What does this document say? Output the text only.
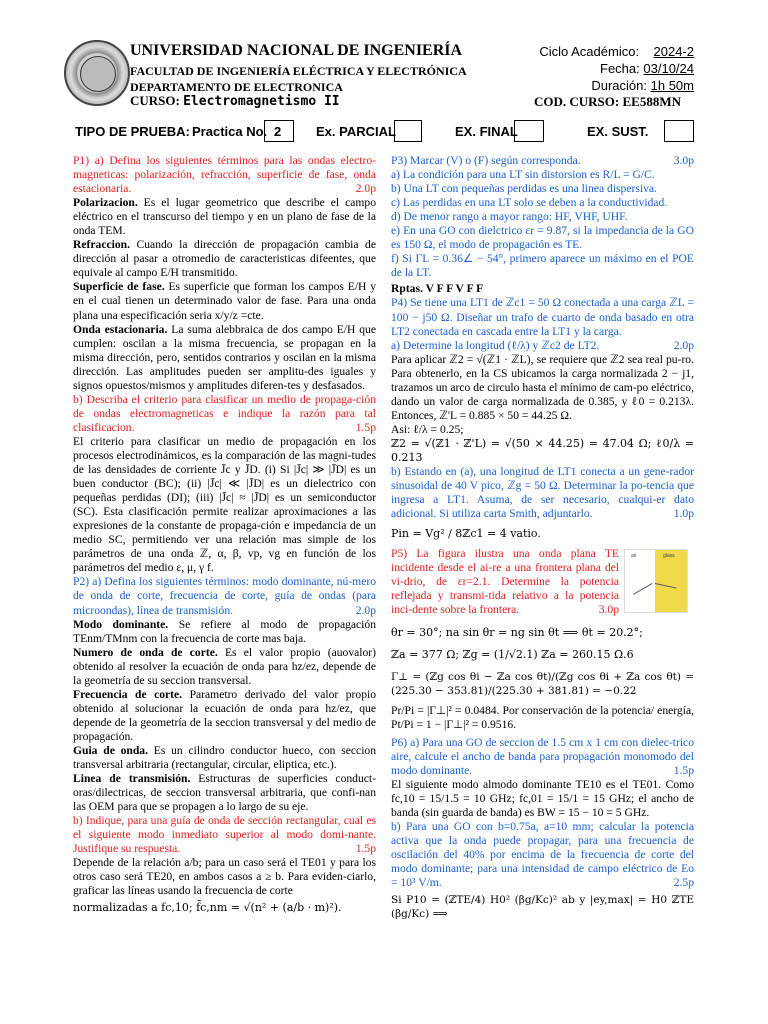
UNIVERSIDAD NACIONAL DE INGENIERÍA
FACULTAD DE INGENIERÍA ELÉCTRICA Y ELECTRÓNICA
DEPARTAMENTO DE ELECTRONICA
CURSO: Electromagnetismo II
Ciclo Académico: 2024-2
Fecha: 03/10/24
Duración: 1h 50m
COD. CURSO: EE588MN
TIPO DE PRUEBA: Practica No. 2	Ex. PARCIAL	EX. FINAL	EX. SUST.

P1) a) Defina los siguientes términos para las ondas electro-magneticas: polarización, refracción, superficie de fase, onda estacionaria.	2.0p

Polarizacion. Es el lugar geometrico que describe el campo eléctrico en el transcurso del tiempo y en un plano de fase de la onda TEM.

Refraccion. Cuando la dirección de propagación cambia de dirección al pasar a otromedio de caracteristicas difeentes, que equivale al campo E/H transmitido.

Superficie de fase. Es superficie que forman los campos E/H y en el cual tienen un determinado valor de fase. Para una onda plana una especificación seria x/y/z =cte.

Onda estacionaria. La suma alebbraica de dos campo E/H que cumplen: oscilan a la misma frecuencia, se propagan en la misma dirección, pero, sentidos contrarios y oscilan en la misma dirección. Las amplitudes pueden ser amplitu-des iguales y signos opuestos/mismos y amplitudes diferen-tes y desfasados.

b) Describa el criterio para clasificar un medio de propaga-ción de ondas electromagneticas e indique la razón para tal clasificacion.	1.5p

El criterio para clasificar un medio de propagación en los procesos electrodinámicos, es la comparación de las magni-tudes de las densidades de corriente J̄c y J̄D. (i) Si |J̄c| ≫ |J̄D| es un buen conductor (BC); (ii) |J̄c| ≪ |J̄D| es un dielectrico con pequeñas perdidas (DI); (iii) |J̄c| ≈ |J̄D| es un semiconductor (SC). Esta clasificación permite realizar aproximaciones a las expresiones de la constante de propaga-ción e impedancia de un medio SC, permitiendo ver una relación mas simple de los parámetros de una onda ℤ, α, β, vp, vg en función de los parámetros del medio ε, μ, γ f.

P2) a) Defina los siguientes términos: modo dominante, nú-mero de onda de corte, frecuencia de corte, guía de ondas (para microondas), línea de transmisión.	2.0p

Modo dominante. Se refiere al modo de propagación TEnm/TMnm con la frecuencia de corte mas baja.

Numero de onda de corte. Es el valor propio (auovalor) obtenido al resolver la ecuación de onda para hz/ez, depende de la geometría de su seccion transversal.

Frecuencia de corte. Parametro derivado del valor propio obtenido al solucionar la ecuación de onda para hz/ez, que depende de la geometría de la seccion transversal y del medio de propagación.

Guia de onda. Es un cilindro conductor hueco, con seccion transversal arbitraria (rectangular, circular, eliptica, etc.).

Linea de transmisión. Estructuras de superficies conduct-oras/dilectricas, de seccion transversal arbitraria, que confi-nan las OEM para que se propagen a lo largo de su eje.

b) Indique, para una guía de onda de sección rectangular, cual es el siguiente modo inmediato superior al modo domi-nante. Justifique su respuesta.	1.5p

Depende de la relación a/b; para un caso será el TE01 y para los otros caso será TE20, en ambos casos a ≥ b. Para eviden-ciarlo, graficar las líneas usando la frecuencia de corte

normalizadas a fc,10; f̄c,nm = √(n² + (a/b · m)²).

P3) Marcar (V) o (F) según corresponda.	3.0p

a) La condición para una LT sin distorsion es R/L = G/C.

b) Una LT con pequeñas perdidas es una linea dispersiva.

c) Las perdidas en una LT solo se deben a la conductividad.

d) De menor rango a mayor rango: HF, VHF, UHF.

e) En una GO con dielctrico εr = 9.87, si la impedancia de la GO es 150 Ω, el modo de propagación es TE.

f) Si ΓL = 0.36∠ − 54°, primero aparece un máximo en el POE de la LT.

Rptas. V F F V F F

P4) Se tiene una LT1 de ℤc1 = 50 Ω conectada a una carga ℤL = 100 − j50 Ω. Diseñar un trafo de cuarto de onda basado en otra LT2 conectada en cascada entre la LT1 y la carga.

a) Determine la longitud (ℓ/λ) y ℤc2 de LT2.	2.0p

Para aplicar ℤ2 = √(ℤ1 · ℤL), se requiere que ℤ2 sea real pu-ro. Para obtenerlo, en la CS ubicamos la carga normalizada 2 − j1, trazamos un arco de circulo hasta el mínimo de cam-po eléctrico, dando un valor de carga normalizada de 0.385, y ℓ0 = 0.213λ. Entonces, ℤ'L = 0.885 × 50 = 44.25 Ω.

Asi: ℓ/λ = 0.25;

ℤ2 = √(ℤ1 · ℤ'L) = √(50 × 44.25) = 47.04 Ω; ℓ0/λ = 0.213

b) Estando en (a), una longitud de LT1 conecta a un gene-rador sinusoidal de 40 V pico, ℤg = 50 Ω. Determinar la po-tencia que ingresa a LT1. Asuma, de ser necesario, cualqui-er dato adicional. Si utiliza carta Smith, adjuntarlo.	1.0p

Pin = Vg² / 8ℤc1 = 4 vatio.

P5) La figura ilustra una onda plana TE incidente desde el ai-re a una frontera plana del vi-drio, de εr=2.1. Determine la potencia reflejada y transmi-tida relativo a la potencia inci-dente sobre la frontera.	3.0p

θr = 30°; na sin θr = ng sin θt ⟹ θt = 20.2°;

ℤa = 377 Ω; ℤg = (1/√2.1) ℤa = 260.15 Ω.6

Γ⊥ = (ℤg cos θi − ℤa cos θt)/(ℤg cos θi + ℤa cos θt) = (225.30 − 353.81)/(225.30 + 381.81) = −0.22

Pr/Pi = |Γ⊥|² = 0.0484. Por conservación de la potencia/ energía, Pt/Pi = 1 − |Γ⊥|² = 0.9516.

P6) a) Para una GO de seccion de 1.5 cm x 1 cm con dielec-trico aire, calcule el ancho de banda para propagación monomodo del modo dominante.	1.5p

El siguiente modo almodo dominante TE10 es el TE01. Como fc,10 = 15/1.5 = 10 GHz; fc,01 = 15/1 = 15 GHz; el ancho de banda (sin guarda de banda) es BW = 15 − 10 = 5 GHz.

b) Para una GO con b=0.75a, a=10 mm; calcular la potencia activa que la onda puede propagar, para una frecuencia de oscilación del 40% por encima de la frecuencia de corte del modo dominante; para una intensidad de campo eléctrico de Eo = 10³ V/m.	2.5p

Si P10 = (ℤTE/4) H0² (βg/Kc)² ab y |ey,max| = H0 ℤTE (βg/Kc) ⟹

air	glass
